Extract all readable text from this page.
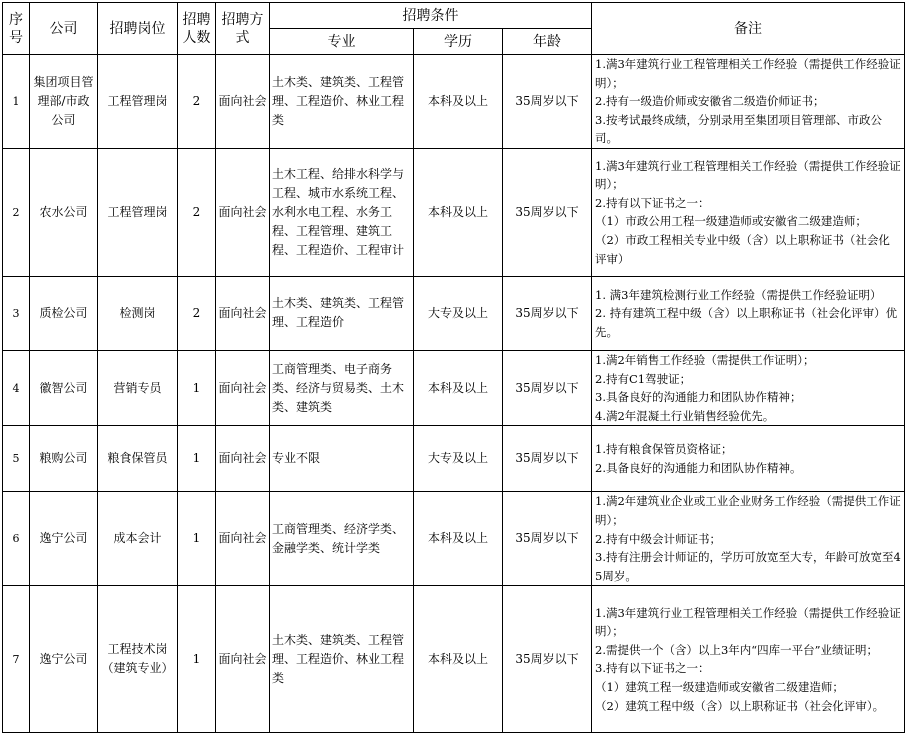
序号	公司	招聘岗位	招聘人数	招聘方式	招聘条件			备注
					专业	学历	年龄	
1	集团项目管理部/市政公司	工程管理岗	2	面向社会	土木类、建筑类、工程管理、工程造价、林业工程类	本科及以上	35周岁以下	1.满3年建筑行业工程管理相关工作经验（需提供工作经验证明）；
2.持有一级造价师或安徽省二级造价师证书；
3.按考试最终成绩，分别录用至集团项目管理部、市政公司。

2	农水公司	工程管理岗	2	面向社会	土木工程、给排水科学与工程、城市水系统工程、水利水电工程、水务工程、工程管理、建筑工程、工程造价、工程审计	本科及以上	35周岁以下	1.满3年建筑行业工程管理相关工作经验（需提供工作经验证明）；
2.持有以下证书之一：
（1）市政公用工程一级建造师或安徽省二级建造师；
（2）市政工程相关专业中级（含）以上职称证书（社会化评审）

3	质检公司	检测岗	2	面向社会	土木类、建筑类、工程管理、工程造价	大专及以上	35周岁以下	1. 满3年建筑检测行业工作经验（需提供工作经验证明）
2. 持有建筑工程中级（含）以上职称证书（社会化评审）优先。

4	徽智公司	营销专员	1	面向社会	工商管理类、电子商务类、经济与贸易类、土木类、建筑类	本科及以上	35周岁以下	1.满2年销售工作经验（需提供工作证明）；
2.持有C1驾驶证；
3.具备良好的沟通能力和团队协作精神；
4.满2年混凝土行业销售经验优先。

5	粮购公司	粮食保管员	1	面向社会	专业不限	大专及以上	35周岁以下	1.持有粮食保管员资格证；
2.具备良好的沟通能力和团队协作精神。

6	逸宁公司	成本会计	1	面向社会	工商管理类、经济学类、金融学类、统计学类	本科及以上	35周岁以下	1.满2年建筑业企业或工业企业财务工作经验（需提供工作证明）；
2.持有中级会计师证书；
3.持有注册会计师证的，学历可放宽至大专，年龄可放宽至45周岁。

7	逸宁公司	工程技术岗（建筑专业）	1	面向社会	土木类、建筑类、工程管理、工程造价、林业工程类	本科及以上	35周岁以下	1.满3年建筑行业工程管理相关工作经验（需提供工作经验证明）；
2.需提供一个（含）以上3年内“四库一平台”业绩证明；
3.持有以下证书之一：
（1）建筑工程一级建造师或安徽省二级建造师；
（2）建筑工程中级（含）以上职称证书（社会化评审）。
